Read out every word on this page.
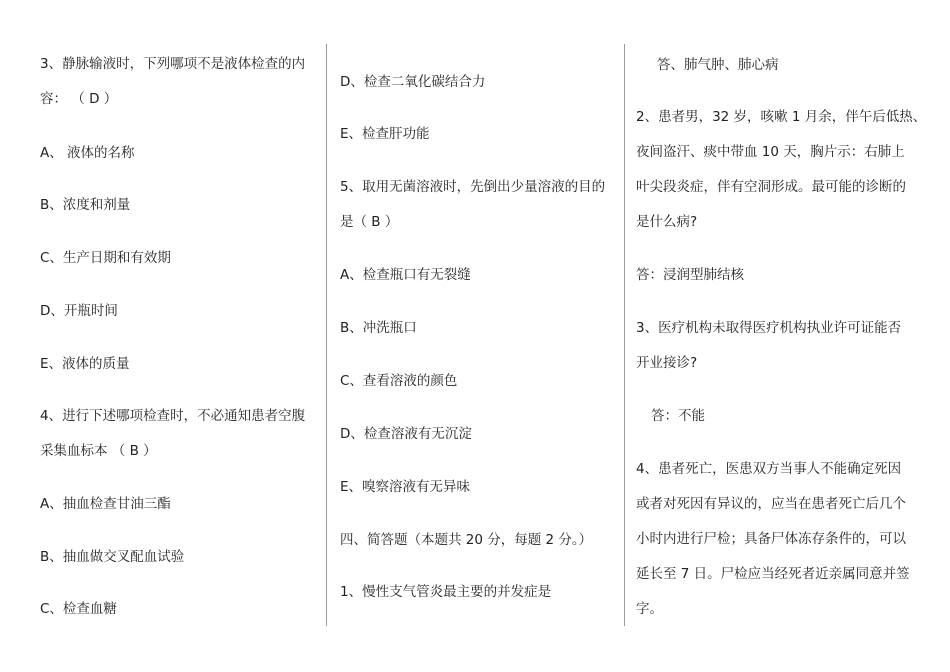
3、静脉输液时，下列哪项不是液体检查的内
容： （ D ）
A、 液体的名称
B、浓度和剂量
C、生产日期和有效期
D、开瓶时间
E、液体的质量
4、进行下述哪项检查时，不必通知患者空腹
采集血标本 （ B ）
A、抽血检查甘油三酯
B、抽血做交叉配血试验
C、检查血糖
D、检查二氧化碳结合力
E、检查肝功能
5、取用无菌溶液时，先倒出少量溶液的目的
是（ B ）
A、检查瓶口有无裂缝
B、冲洗瓶口
C、查看溶液的颜色
D、检查溶液有无沉淀
E、嗅察溶液有无异味
四、简答题（本题共 20 分，每题 2 分。）
1、慢性支气管炎最主要的并发症是
答、肺气肿、肺心病
2、患者男，32 岁，咳嗽 1 月余，伴午后低热、
夜间盗汗、痰中带血 10 天，胸片示：右肺上
叶尖段炎症，伴有空洞形成。最可能的诊断的
是什么病?
答：浸润型肺结核
3、医疗机构未取得医疗机构执业许可证能否
开业接诊?
答：不能
4、患者死亡，医患双方当事人不能确定死因
或者对死因有异议的，应当在患者死亡后几个
小时内进行尸检；具备尸体冻存条件的，可以
延长至 7 日。尸检应当经死者近亲属同意并签
字。
